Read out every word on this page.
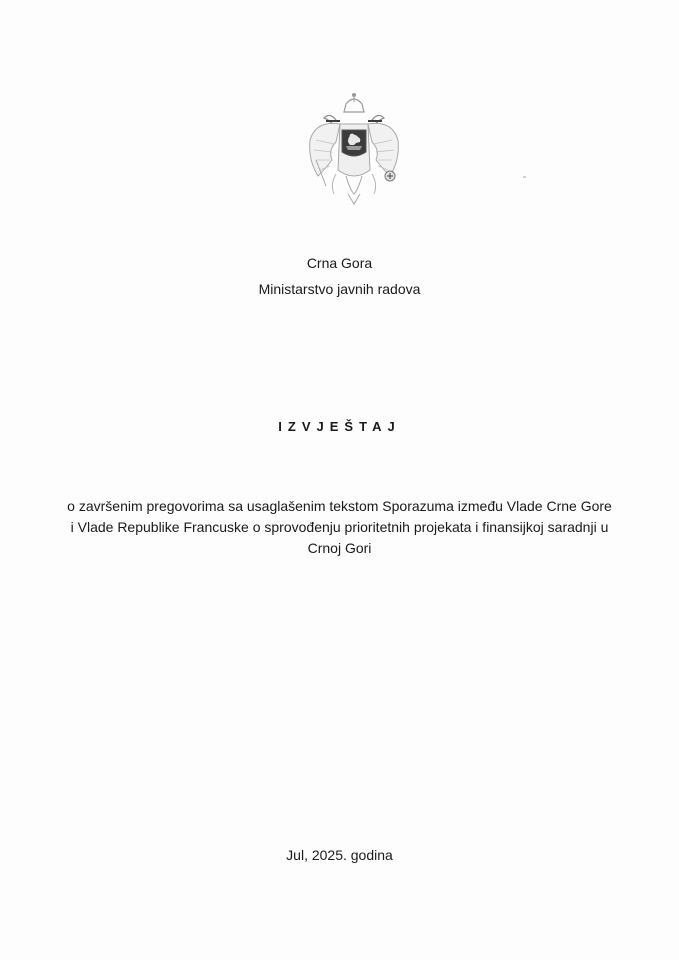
Crna Gora
Ministarstvo javnih radova
IZVJEŠTAJ
o završenim pregovorima sa usaglašenim tekstom Sporazuma između Vlade Crne Gore
i Vlade Republike Francuske o sprovođenju prioritetnih projekata i finansijkoj saradnji u
Crnoj Gori
Jul, 2025. godina
